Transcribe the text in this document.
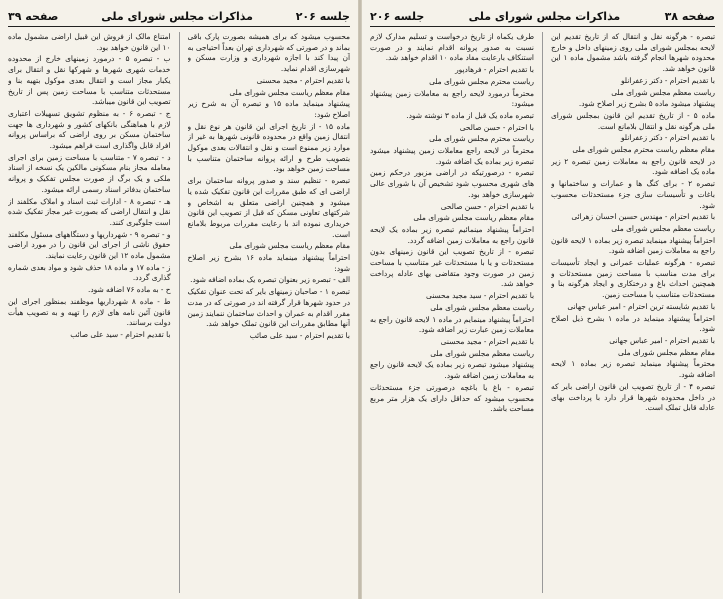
جلسه ۲۰۶
مذاکرات مجلس شورای ملی
صفحه ۳۹

محسوب میشود که برای همیشه بصورت پارک باقی بماند و در صورتی که شهرداری تهران بعداً احتیاجی به آن پیدا کند با اجازه شهرداری و وزارت مسکن و شهرسازی اقدام نماید.

با تقدیم احترام - مجید محسنی

مقام معظم ریاست مجلس شورای ملی

پیشنهاد مینماید ماده ۱۵ و تبصره آن به شرح زیر اصلاح شود:

ماده ۱۵ - از تاریخ اجرای این قانون هر نوع نقل و انتقال زمین واقع در محدوده قانونی شهرها به غیر از موارد زیر ممنوع است و نقل و انتقالات بعدی موکول بتصویب طرح و ارائه پروانه ساختمان متناسب با مساحت زمین خواهد بود.

تبصره - تنظیم سند و صدور پروانه ساختمان برای اراضی ای که طبق مقررات این قانون تفکیک شده یا میشود و همچنین اراضی متعلق به اشخاص و شرکتهای تعاونی مسکن که قبل از تصویب این قانون خریداری نموده اند با رعایت مقررات مربوط بلامانع است.

مقام معظم ریاست مجلس شورای ملی

احتراماً پیشنهاد مینماید ماده ۱۶ بشرح زیر اصلاح شود:

الف - تبصره زیر بعنوان تبصره یک بماده اضافه شود.

تبصره ۱ - صاحبان زمینهای بایر که تحت عنوان تفکیک در حدود شهرها قرار گرفته اند در صورتی که در مدت مقرر اقدام به عمران و احداث ساختمان ننمایند زمین آنها مطابق مقررات این قانون تملک خواهد شد.

با تقدیم احترام - سید علی صائب

امتناع مالک از فروش این قبیل اراضی مشمول ماده ۱۰ این قانون خواهد بود.

ب - تبصره ۵ - درمورد زمینهای خارج از محدوده خدمات شهری شهرها و شهرکها نقل و انتقال برای یکبار مجاز است و انتقال بعدی موکول بتهیه بنا و مستحدثات متناسب با مساحت زمین پس از تاریخ تصویب این قانون میباشد.

ج - تبصره ۶ - به منظوم تشویق تسهیلات اعتباری لازم با هماهنگی بانکهای کشور و شهرداری ها جهت ساختمان مسکن بر روی اراضی که براساس پروانه افراد قابل واگذاری است فراهم میشود.

د - تبصره ۷ - متناسب با مساحت زمین برای اجرای معامله مجاز بنام مسکونی مالکین یک نسخه از اسناد ملکی و یک برگ از صورت مجلس تفکیک و پروانه ساختمان بدفاتر اسناد رسمی ارائه میشود.

هـ - تبصره ۸ - ادارات ثبت اسناد و املاک مکلفند از نقل و انتقال اراضی که بصورت غیر مجاز تفکیک شده است جلوگیری کنند.

و - تبصره ۹ - شهرداریها و دستگاههای مسئول مکلفند حقوق ناشی از اجرای این قانون را در مورد اراضی مشمول ماده ۱۲ این قانون رعایت نمایند.

ز - ماده ۱۷ و ماده ۱۸ حذف شود و مواد بعدی شماره گذاری گردد.

ح - به ماده ۷۶ اضافه شود.

ط - ماده ۸ شهرداریها موظفند بمنظور اجرای این قانون آئین نامه های لازم را تهیه و به تصویب هیأت دولت برسانند.

با تقدیم احترام - سید علی صائب

صفحه ۳۸
مذاکرات مجلس شورای ملی
جلسه ۲۰۶

تبصره - هرگونه نقل و انتقال که از تاریخ تقدیم این لایحه بمجلس شورای ملی روی زمینهای داخل و خارج محدوده شهرها انجام گرفته باشد مشمول ماده ۱ این قانون خواهد شد.

با تقدیم احترام - دکتر زعفرانلو

ریاست معظم مجلس شورای ملی

پیشنهاد میشود ماده ۵ بشرح زیر اصلاح شود.

ماده ۵ - از تاریخ تقدیم این قانون بمجلس شورای ملی هرگونه نقل و انتقال بلامانع است.

با تقدیم احترام - دکتر زعفرانلو

مقام معظم ریاست محترم مجلس شورای ملی

در لایحه قانون راجع به معاملات زمین تبصره ۲ زیر ماده یک اضافه شود.

تبصره ۲ - برای کنگ ها و عمارات و ساختمانها و باغات و تأسیسات سازی جزء مستحدثات محسوب شود.

با تقدیم احترام - مهندس حسین احسان زهرائی

ریاست معظم مجلس شورای ملی

احتراماً پیشنهاد مینماید تبصره زیر بماده ۱ لایحه قانون راجع به معاملات زمین اضافه شود.

تبصره - هرگونه عملیات عمرانی و ایجاد تأسیسات برای مدت مناسب با مساحت زمین مستحدثات و همچنین احداث باغ و درختکاری و ایجاد هرگونه بنا و مستحدثات متناسب با مساحت زمین.

با تقدیم شایسته ترین احترام - امیر عباس جهانی

احتراماً پیشنهاد مینماید در ماده ۱ بشرح ذیل اصلاح شود.

با تقدیم احترام - امیر عباس جهانی

مقام معظم مجلس شورای ملی

محترماً پیشنهاد مینماید تبصره زیر بماده ۱ لایحه اضافه شود.

تبصره ۴ - از تاریخ تصویب این قانون اراضی بایر که در داخل محدوده شهرها قرار دارد با پرداخت بهای عادله قابل تملک است.

طرف یکماه از تاریخ درخواست و تسلیم مدارک لازم نسبت به صدور پروانه اقدام نمایند و در صورت استنکاف بارعایت مفاد ماده ۱۰ اقدام خواهد شد.

با تقدیم احترام - فرهادپور

ریاست محترم مجلس شورای ملی

محترماً درمورد لایحه راجع به معاملات زمین پیشنهاد میشود:

تبصره ماده یک قبل از ماده ۳ نوشته شود.

با احترام - حسن صالحی

ریاست محترم مجلس شورای ملی

محترماً در لایحه راجع معاملات زمین پیشنهاد میشود تبصره زیر بماده یک اضافه شود.

تبصره - درصورتیکه در اراضی مزبور درحکم زمین های شهری محسوب شود تشخیص آن با شورای عالی شهرسازی خواهد بود.

با تقدیم احترام - حسن صالحی

مقام معظم ریاست مجلس شورای ملی

احتراماً پیشنهاد مینمائیم تبصره زیر بماده یک لایحه قانون راجع به معاملات زمین اضافه گردد.

تبصره - از تاریخ تصویب این قانون زمینهای بدون مستحدثات و یا با مستحدثات غیر متناسب با مساحت زمین در صورت وجود متقاضی بهای عادله پرداخت خواهد شد.

با تقدیم احترام - سید مجید محسنی

ریاست معظم مجلس شورای ملی

احتراماً پیشنهاد مینمایم در ماده ۱ لایحه قانون راجع به معاملات زمین عبارت زیر اضافه شود.

با تقدیم احترام - مجید محسنی

ریاست معظم مجلس شورای ملی

پیشنهاد میشود تبصره زیر بماده یک لایحه قانون راجع به معاملات زمین اضافه شود.

تبصره - باغ یا باغچه درصورتی جزء مستحدثات محسوب میشود که حداقل دارای یک هزار متر مربع مساحت باشد.
